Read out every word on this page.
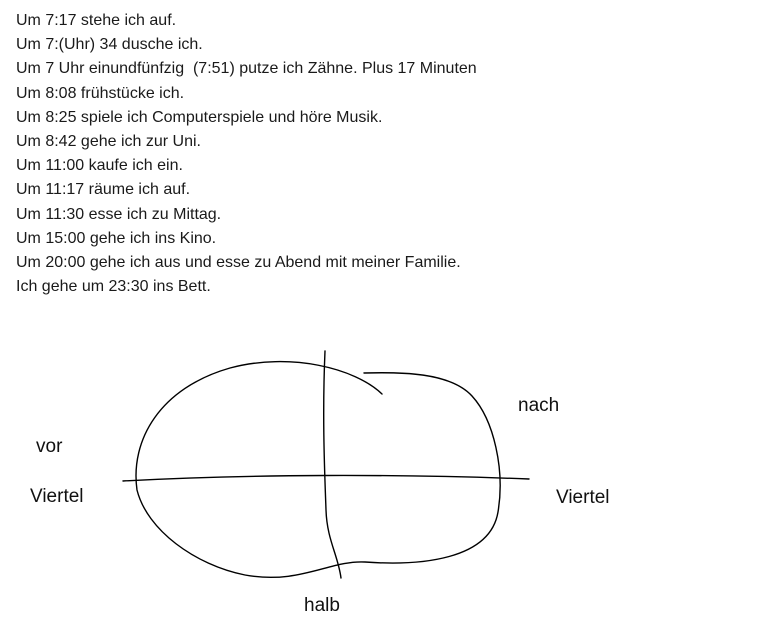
Um 7:17 stehe ich auf.
Um 7:(Uhr) 34 dusche ich.
Um 7 Uhr einundfünfzig  (7:51) putze ich Zähne. Plus 17 Minuten
Um 8:08 frühstücke ich.
Um 8:25 spiele ich Computerspiele und höre Musik.
Um 8:42 gehe ich zur Uni.
Um 11:00 kaufe ich ein.
Um 11:17 räume ich auf.
Um 11:30 esse ich zu Mittag.
Um 15:00 gehe ich ins Kino.
Um 20:00 gehe ich aus und esse zu Abend mit meiner Familie.
Ich gehe um 23:30 ins Bett.
vor
Viertel
nach
Viertel
halb
